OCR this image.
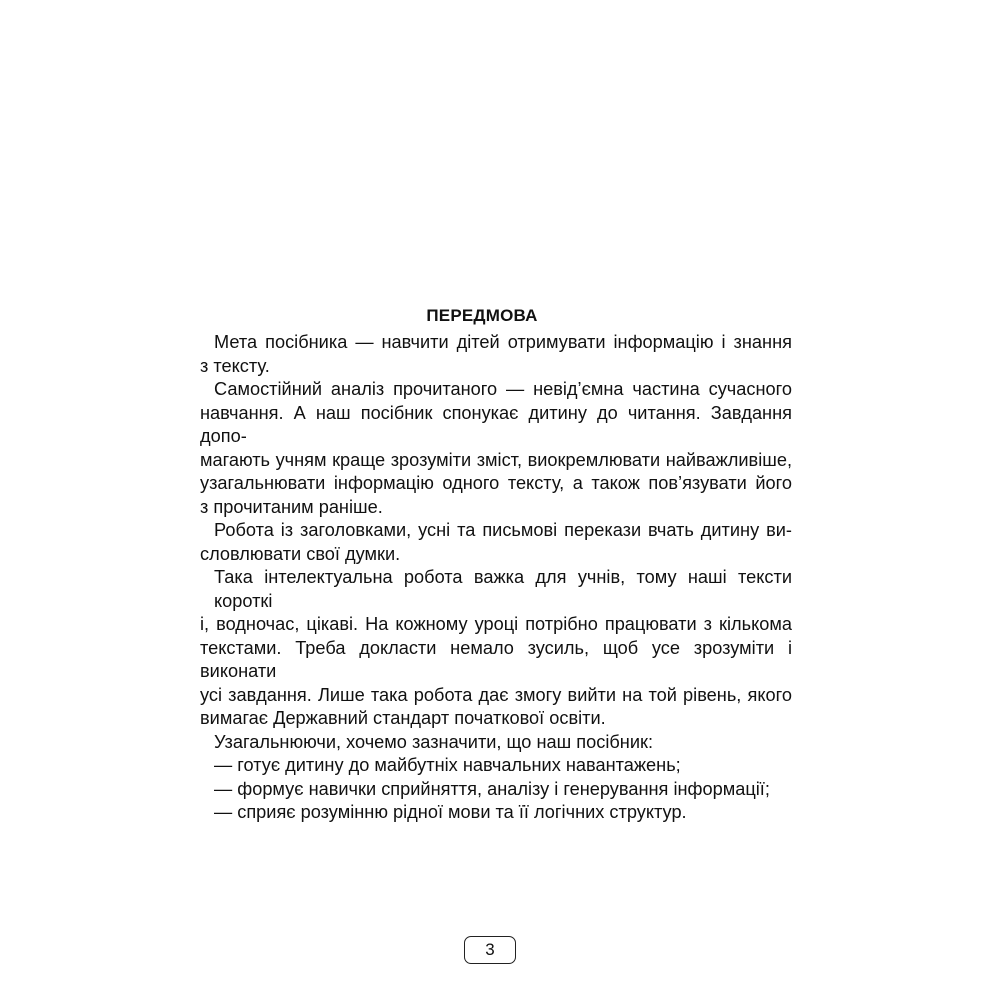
ПЕРЕДМОВА
Мета посібника — навчити дітей отримувати інформацію і знання
з тексту.
Самостійний аналіз прочитаного — невід’ємна частина сучасного
навчання. А наш посібник спонукає дитину до читання. Завдання допо-
магають учням краще зрозуміти зміст, виокремлювати найважливіше,
узагальнювати інформацію одного тексту, а також пов’язувати його
з прочитаним раніше.
Робота із заголовками, усні та письмові перекази вчать дитину ви-
словлювати свої думки.
Така інтелектуальна робота важка для учнів, тому наші тексти короткі
і, водночас, цікаві. На кожному уроці потрібно працювати з кількома
текстами. Треба докласти немало зусиль, щоб усе зрозуміти і виконати
усі завдання. Лише така робота дає змогу вийти на той рівень, якого
вимагає Державний стандарт початкової освіти.
Узагальнюючи, хочемо зазначити, що наш посібник:
— готує дитину до майбутніх навчальних навантажень;
— формує навички сприйняття, аналізу і генерування інформації;
— сприяє розумінню рідної мови та її логічних структур.
3
